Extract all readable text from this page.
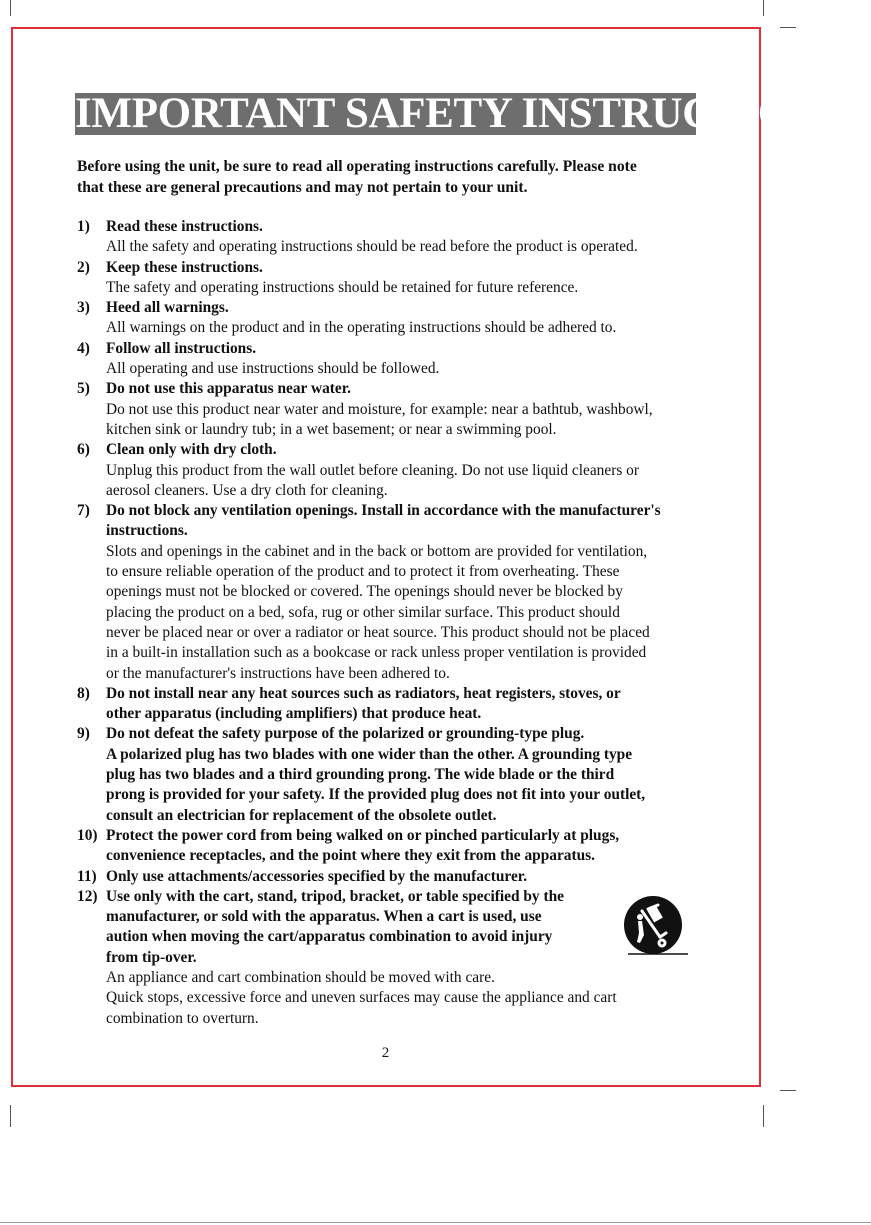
IMPORTANT SAFETY INSTRUCTION
Before using the unit, be sure to read all operating instructions carefully. Please note
that these are general precautions and may not pertain to your unit.
1) Read these instructions.
All the safety and operating instructions should be read before the product is operated.
2) Keep these instructions.
The safety and operating instructions should be retained for future reference.
3) Heed all warnings.
All warnings on the product and in the operating instructions should be adhered to.
4) Follow all instructions.
All operating and use instructions should be followed.
5) Do not use this apparatus near water.
Do not use this product near water and moisture, for example: near a bathtub, washbowl,
kitchen sink or laundry tub; in a wet basement; or near a swimming pool.
6) Clean only with dry cloth.
Unplug this product from the wall outlet before cleaning. Do not use liquid cleaners or
aerosol cleaners. Use a dry cloth for cleaning.
7) Do not block any ventilation openings. Install in accordance with the manufacturer's
instructions.
Slots and openings in the cabinet and in the back or bottom are provided for ventilation,
to ensure reliable operation of the product and to protect it from overheating. These
openings must not be blocked or covered. The openings should never be blocked by
placing the product on a bed, sofa, rug or other similar surface. This product should
never be placed near or over a radiator or heat source. This product should not be placed
in a built-in installation such as a bookcase or rack unless proper ventilation is provided
or the manufacturer's instructions have been adhered to.
8) Do not install near any heat sources such as radiators, heat registers, stoves, or
other apparatus (including amplifiers) that produce heat.
9) Do not defeat the safety purpose of the polarized or grounding-type plug.
A polarized plug has two blades with one wider than the other. A grounding type
plug has two blades and a third grounding prong. The wide blade or the third
prong is provided for your safety. If the provided plug does not fit into your outlet,
consult an electrician for replacement of the obsolete outlet.
10) Protect the power cord from being walked on or pinched particularly at plugs,
convenience receptacles, and the point where they exit from the apparatus.
11) Only use attachments/accessories specified by the manufacturer.
12) Use only with the cart, stand, tripod, bracket, or table specified by the
manufacturer, or sold with the apparatus. When a cart is used, use
aution when moving the cart/apparatus combination to avoid injury
from tip-over.
An appliance and cart combination should be moved with care.
Quick stops, excessive force and uneven surfaces may cause the appliance and cart
combination to overturn.
2
